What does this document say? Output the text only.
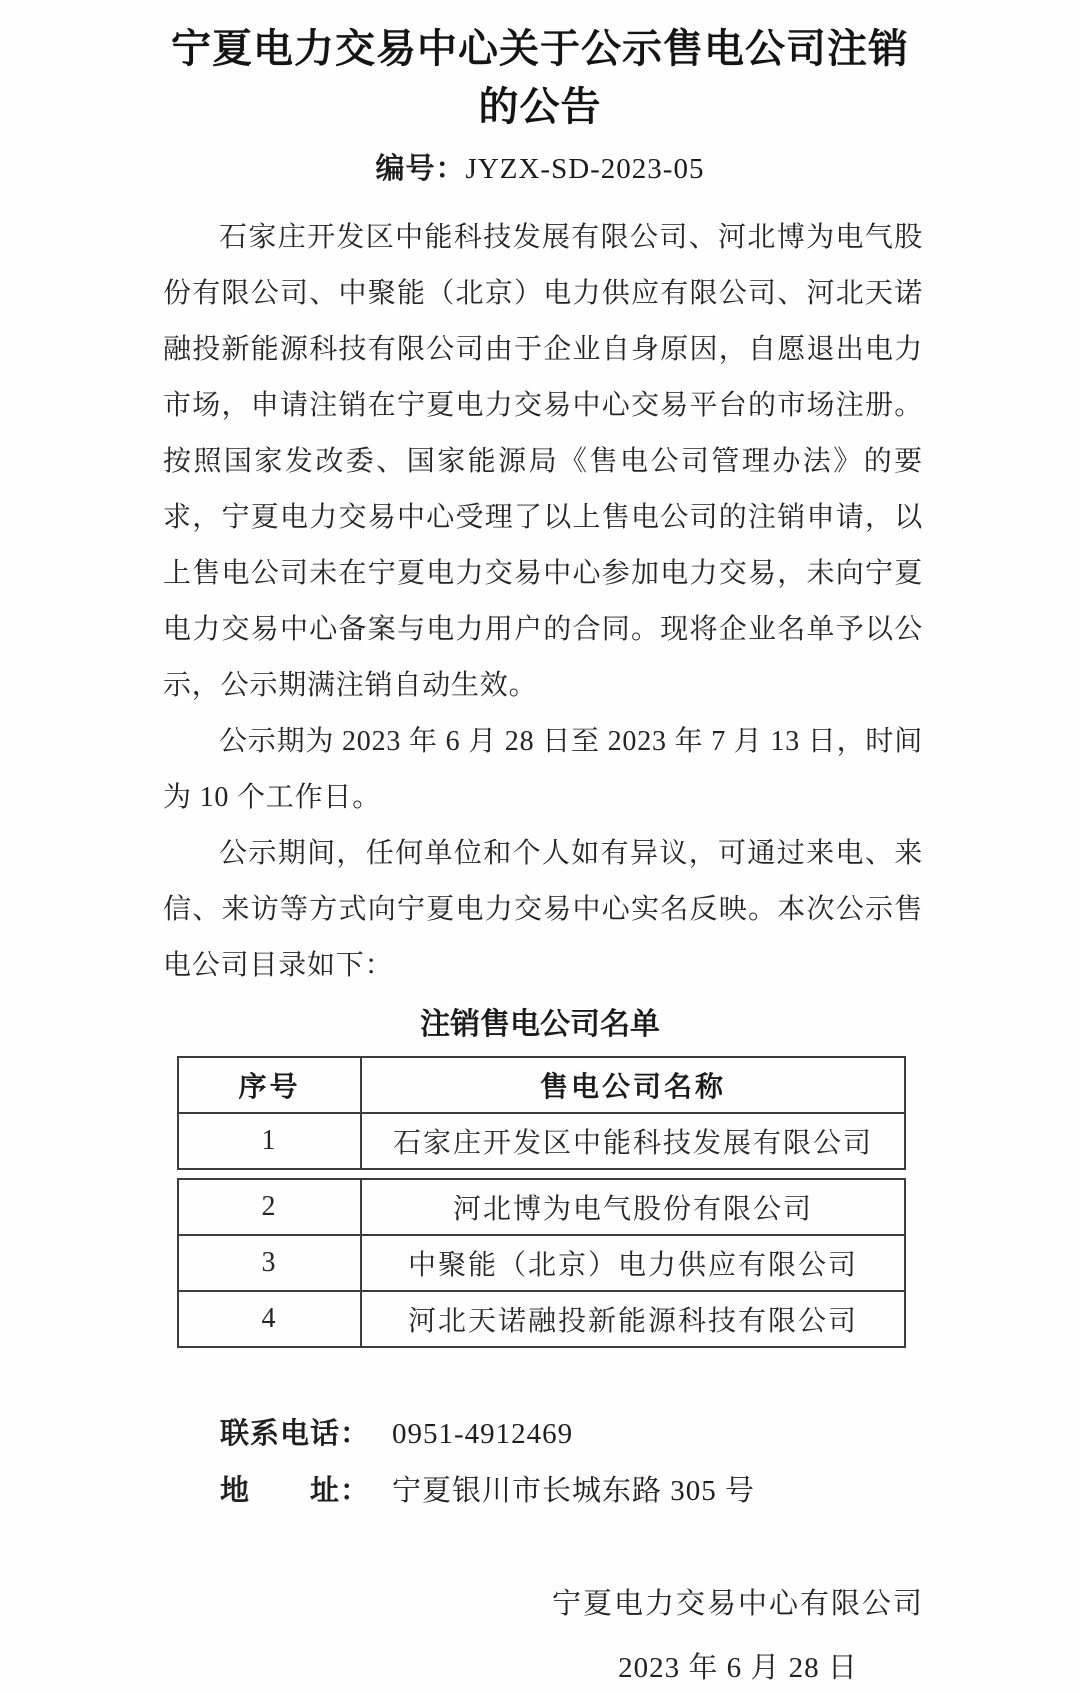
宁夏电力交易中心关于公示售电公司注销
的公告
编号：JYZX-SD-2023-05

石家庄开发区中能科技发展有限公司、河北博为电气股份有限公司、中聚能（北京）电力供应有限公司、河北天诺融投新能源科技有限公司由于企业自身原因，自愿退出电力市场，申请注销在宁夏电力交易中心交易平台的市场注册。按照国家发改委、国家能源局《售电公司管理办法》的要求，宁夏电力交易中心受理了以上售电公司的注销申请，以上售电公司未在宁夏电力交易中心参加电力交易，未向宁夏电力交易中心备案与电力用户的合同。现将企业名单予以公示，公示期满注销自动生效。

公示期为 2023 年 6 月 28 日至 2023 年 7 月 13 日，时间为 10 个工作日。

公示期间，任何单位和个人如有异议，可通过来电、来信、来访等方式向宁夏电力交易中心实名反映。本次公示售电公司目录如下：

注销售电公司名单
序号	售电公司名称
1	石家庄开发区中能科技发展有限公司
2	河北博为电气股份有限公司
3	中聚能（北京）电力供应有限公司
4	河北天诺融投新能源科技有限公司
联系电话： 0951-4912469
地　　址： 宁夏银川市长城东路 305 号
宁夏电力交易中心有限公司
2023 年 6 月 28 日
